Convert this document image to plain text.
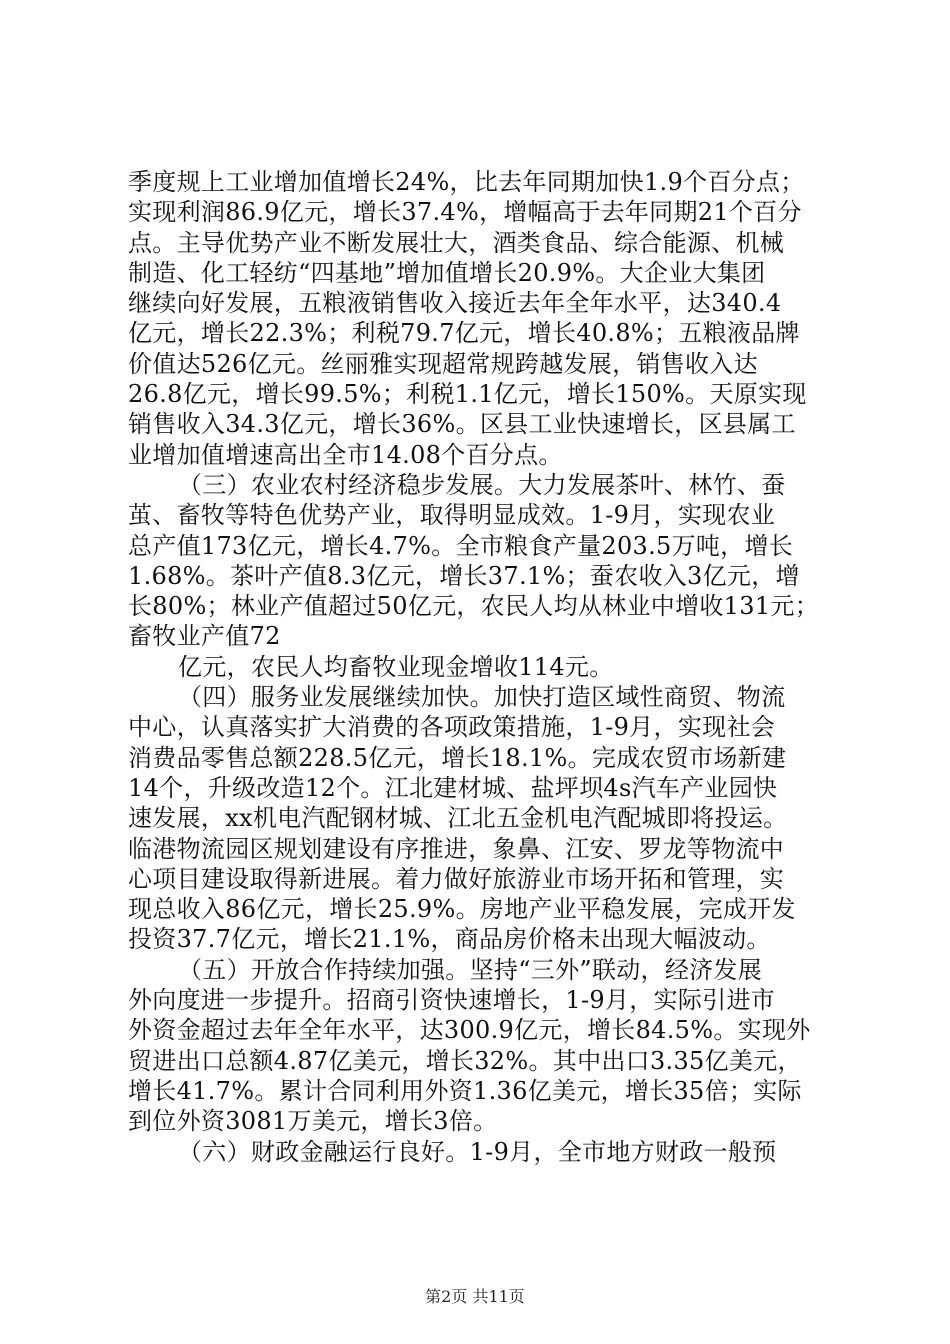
季度规上工业增加值增长24%，比去年同期加快1.9个百分点；
实现利润86.9亿元，增长37.4%，增幅高于去年同期21个百分
点。主导优势产业不断发展壮大，酒类食品、综合能源、机械
制造、化工轻纺“四基地”增加值增长20.9%。大企业大集团
继续向好发展，五粮液销售收入接近去年全年水平，达340.4
亿元，增长22.3%；利税79.7亿元，增长40.8%；五粮液品牌
价值达526亿元。丝丽雅实现超常规跨越发展，销售收入达
26.8亿元，增长99.5%；利税1.1亿元，增长150%。天原实现
销售收入34.3亿元，增长36%。区县工业快速增长，区县属工
业增加值增速高出全市14.08个百分点。
（三）农业农村经济稳步发展。大力发展茶叶、林竹、蚕
茧、畜牧等特色优势产业，取得明显成效。1-9月，实现农业
总产值173亿元，增长4.7%。全市粮食产量203.5万吨，增长
1.68%。茶叶产值8.3亿元，增长37.1%；蚕农收入3亿元，增
长80%；林业产值超过50亿元，农民人均从林业中增收131元；
畜牧业产值72
亿元，农民人均畜牧业现金增收114元。
（四）服务业发展继续加快。加快打造区域性商贸、物流
中心，认真落实扩大消费的各项政策措施，1-9月，实现社会
消费品零售总额228.5亿元，增长18.1%。完成农贸市场新建
14个，升级改造12个。江北建材城、盐坪坝4s汽车产业园快
速发展，xx机电汽配钢材城、江北五金机电汽配城即将投运。
临港物流园区规划建设有序推进，象鼻、江安、罗龙等物流中
心项目建设取得新进展。着力做好旅游业市场开拓和管理，实
现总收入86亿元，增长25.9%。房地产业平稳发展，完成开发
投资37.7亿元，增长21.1%，商品房价格未出现大幅波动。
（五）开放合作持续加强。坚持“三外”联动，经济发展
外向度进一步提升。招商引资快速增长，1-9月，实际引进市
外资金超过去年全年水平，达300.9亿元，增长84.5%。实现外
贸进出口总额4.87亿美元，增长32%。其中出口3.35亿美元，
增长41.7%。累计合同利用外资1.36亿美元，增长35倍；实际
到位外资3081万美元，增长3倍。
（六）财政金融运行良好。1-9月，全市地方财政一般预
第2页 共11页
